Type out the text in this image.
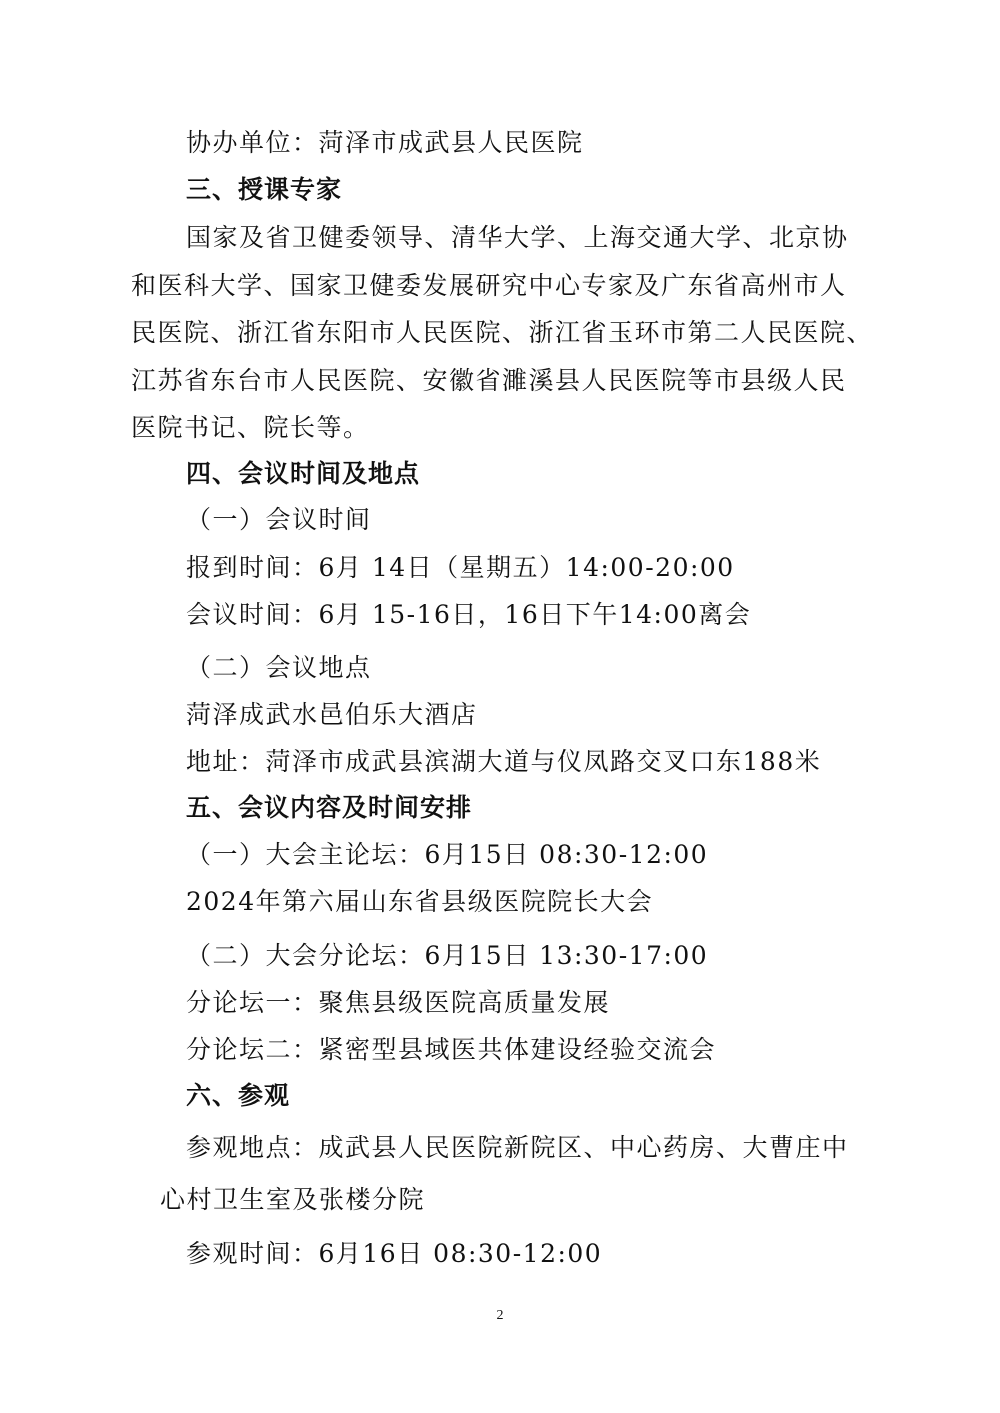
协办单位：菏泽市成武县人民医院
三、授课专家
国家及省卫健委领导、清华大学、上海交通大学、北京协
和医科大学、国家卫健委发展研究中心专家及广东省高州市人
民医院、浙江省东阳市人民医院、浙江省玉环市第二人民医院、
江苏省东台市人民医院、安徽省濉溪县人民医院等市县级人民
医院书记、院长等。
四、会议时间及地点
（一）会议时间
报到时间：6月 14日（星期五）14:00-20:00
会议时间：6月 15-16日，16日下午14:00离会
（二）会议地点
菏泽成武水邑伯乐大酒店
地址：菏泽市成武县滨湖大道与仪凤路交叉口东188米
五、会议内容及时间安排
（一）大会主论坛：6月15日 08:30-12:00
2024年第六届山东省县级医院院长大会
（二）大会分论坛：6月15日 13:30-17:00
分论坛一：聚焦县级医院高质量发展
分论坛二：紧密型县域医共体建设经验交流会
六、参观
参观地点：成武县人民医院新院区、中心药房、大曹庄中
心村卫生室及张楼分院
参观时间：6月16日 08:30-12:00
2
